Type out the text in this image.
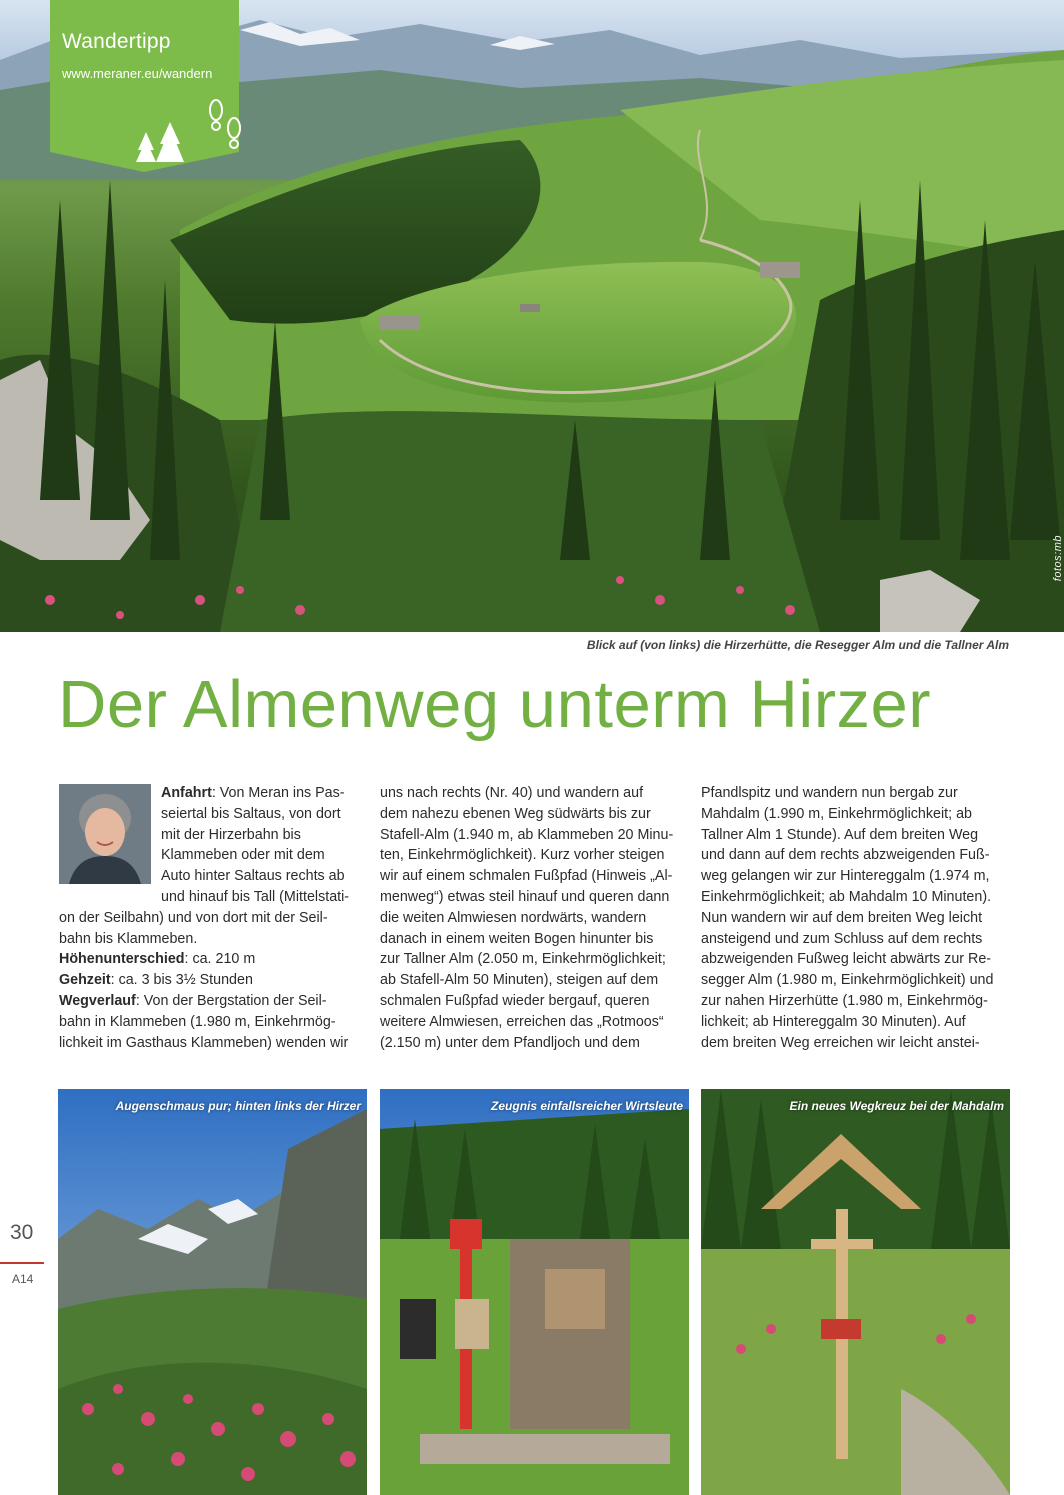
fotos:mb
Wandertipp
www.meraner.eu/wandern
Blick auf (von links) die Hirzerhütte, die Resegger Alm und die Tallner Alm
Der Almenweg unterm Hirzer
Anfahrt: Von Meran ins Pas-
seiertal bis Saltaus, von dort
mit der Hirzerbahn bis
Klammeben oder mit dem
Auto hinter Saltaus rechts ab
und hinauf bis Tall (Mittelstati-
on der Seilbahn) und von dort mit der Seil-
bahn bis Klammeben.
Höhenunterschied: ca. 210 m
Gehzeit: ca. 3 bis 3½ Stunden
Wegverlauf: Von der Bergstation der Seil-
bahn in Klammeben (1.980 m, Einkehrmög-
lichkeit im Gasthaus Klammeben) wenden wir
uns nach rechts (Nr. 40) und wandern auf
dem nahezu ebenen Weg südwärts bis zur
Stafell-Alm (1.940 m, ab Klammeben 20 Minu-
ten, Einkehrmöglichkeit). Kurz vorher steigen
wir auf einem schmalen Fußpfad (Hinweis „Al-
menweg“) etwas steil hinauf und queren dann
die weiten Almwiesen nordwärts, wandern
danach in einem weiten Bogen hinunter bis
zur Tallner Alm (2.050 m, Einkehrmöglichkeit;
ab Stafell-Alm 50 Minuten), steigen auf dem
schmalen Fußpfad wieder bergauf, queren
weitere Almwiesen, erreichen das „Rotmoos“
(2.150 m) unter dem Pfandljoch und dem
Pfandlspitz und wandern nun bergab zur
Mahdalm (1.990 m, Einkehrmöglichkeit; ab
Tallner Alm 1 Stunde). Auf dem breiten Weg
und dann auf dem rechts abzweigenden Fuß-
weg gelangen wir zur Hintereggalm (1.974 m,
Einkehrmöglichkeit; ab Mahdalm 10 Minuten).
Nun wandern wir auf dem breiten Weg leicht
ansteigend und zum Schluss auf dem rechts
abzweigenden Fußweg leicht abwärts zur Re-
segger Alm (1.980 m, Einkehrmöglichkeit) und
zur nahen Hirzerhütte (1.980 m, Einkehrmög-
lichkeit; ab Hintereggalm 30 Minuten). Auf
dem breiten Weg erreichen wir leicht anstei-
30
A14
Augenschmaus pur; hinten links der Hirzer	Zeugnis einfallsreicher Wirtsleute	Ein neues Wegkreuz bei der Mahdalm
